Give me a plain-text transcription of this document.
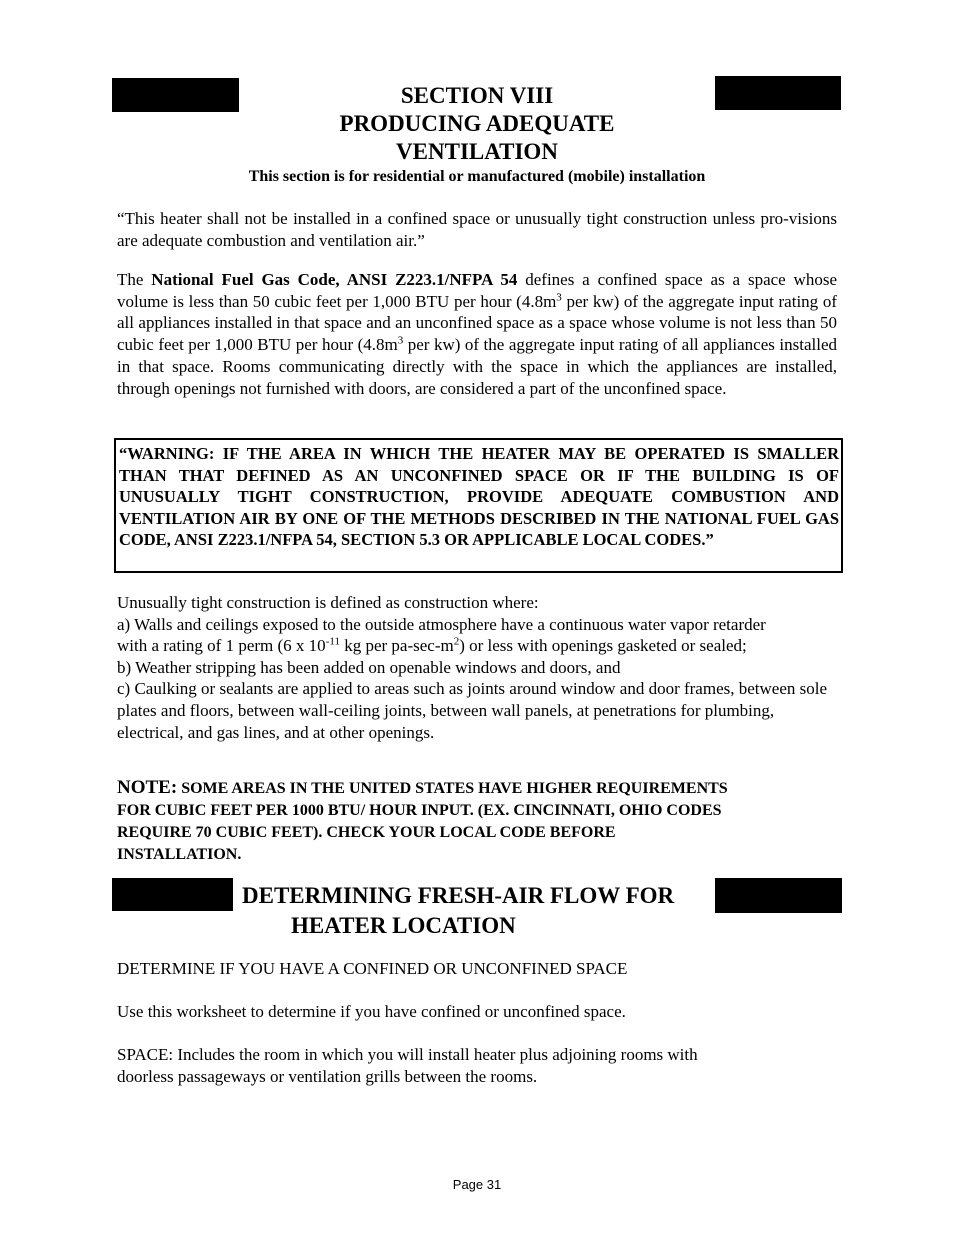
SECTION VIII
PRODUCING ADEQUATE
VENTILATION
This section is for residential or manufactured (mobile) installation
“This heater shall not be installed in a confined space or unusually tight construction unless pro-visions are adequate combustion and ventilation air.”
The National Fuel Gas Code, ANSI Z223.1/NFPA 54 defines a confined space as a space whose volume is less than 50 cubic feet per 1,000 BTU per hour ($4.8m^3$ per kw) of the aggregate input rating of all appliances installed in that space and an unconfined space as a space whose volume is not less than 50 cubic feet per 1,000 BTU per hour ($4.8m^3$ per kw) of the aggregate input rating of all appliances installed in that space. Rooms communicating directly with the space in which the appliances are installed, through openings not furnished with doors, are considered a part of the unconfined space.
“WARNING: IF THE AREA IN WHICH THE HEATER MAY BE OPERATED IS SMALLER THAN THAT DEFINED AS AN UNCONFINED SPACE OR IF THE BUILDING IS OF UNUSUALLY TIGHT CONSTRUCTION, PROVIDE ADEQUATE COMBUSTION AND VENTILATION AIR BY ONE OF THE METHODS DESCRIBED IN THE NATIONAL FUEL GAS CODE, ANSI Z223.1/NFPA 54, SECTION 5.3 OR APPLICABLE LOCAL CODES.”
Unusually tight construction is defined as construction where:
a) Walls and ceilings exposed to the outside atmosphere have a continuous water vapor retarder
with a rating of 1 perm (6 x $10^{-11}$ kg per $pa-\sec-m^2$) or less with openings gasketed or sealed;
b) Weather stripping has been added on openable windows and doors, and
c) Caulking or sealants are applied to areas such as joints around window and door frames, between sole plates and floors, between wall-ceiling joints, between wall panels, at penetrations for plumbing, electrical, and gas lines, and at other openings.
NOTE: SOME AREAS IN THE UNITED STATES HAVE HIGHER REQUIREMENTS
FOR CUBIC FEET PER 1000 BTU/ HOUR INPUT. (EX. CINCINNATI, OHIO CODES
REQUIRE 70 CUBIC FEET). CHECK YOUR LOCAL CODE BEFORE
INSTALLATION.
DETERMINING FRESH-AIR FLOW FOR
HEATER LOCATION
DETERMINE IF YOU HAVE A CONFINED OR UNCONFINED SPACE
Use this worksheet to determine if you have confined or unconfined space.
SPACE: Includes the room in which you will install heater plus adjoining rooms with
doorless passageways or ventilation grills between the rooms.
Page 31
